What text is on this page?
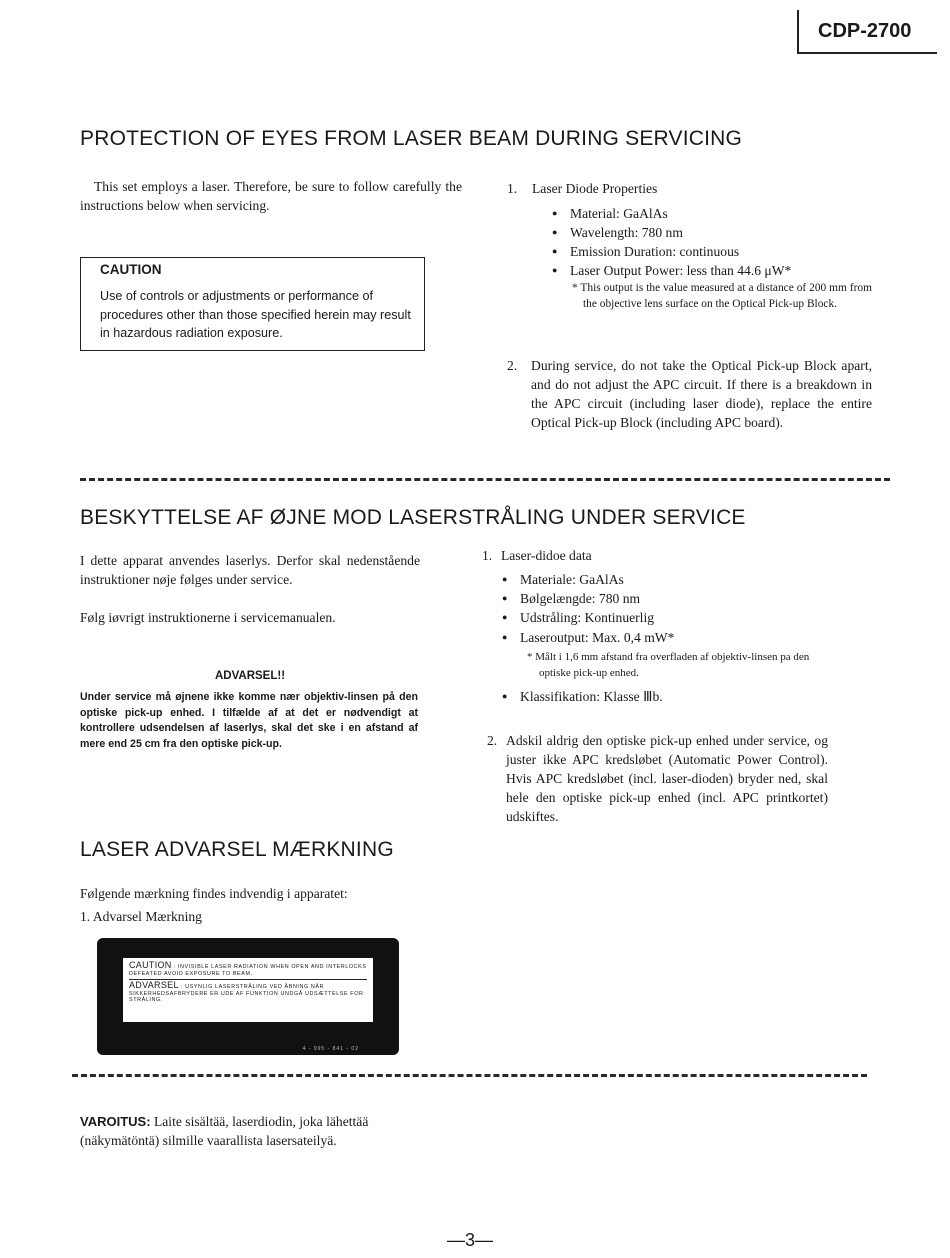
CDP-2700
PROTECTION OF EYES FROM LASER BEAM DURING SERVICING
This set employs a laser. Therefore, be sure to follow carefully the instructions below when servicing.
CAUTION
Use of controls or adjustments or performance of procedures other than those specified herein may result in hazardous radiation exposure.
1. Laser Diode Properties
● Material: GaAlAs
● Wavelength: 780 nm
● Emission Duration: continuous
● Laser Output Power: less than 44.6 μW*
* This output is the value measured at a distance of 200 mm from the objective lens surface on the Optical Pick-up Block.
2. During service, do not take the Optical Pick-up Block apart, and do not adjust the APC circuit. If there is a breakdown in the APC circuit (including laser diode), replace the entire Optical Pick-up Block (including APC board).
BESKYTTELSE AF ØJNE MOD LASERSTRÅLING UNDER SERVICE
I dette apparat anvendes laserlys. Derfor skal nedenstående instruktioner nøje følges under service.
Følg iøvrigt instruktionerne i servicemanualen.
ADVARSEL!!
Under service må øjnene ikke komme nær objektiv-linsen på den optiske pick-up enhed. I tilfælde af at det er nødvendigt at kontrollere udsendelsen af laserlys, skal det ske i en afstand af mere end 25 cm fra den optiske pick-up.
1. Laser-didoe data
● Materiale: GaAlAs
● Bølgelængde: 780 nm
● Udstråling: Kontinuerlig
● Laseroutput: Max. 0,4 mW*
* Målt i 1,6 mm afstand fra overfladen af objektiv-linsen pa den optiske pick-up enhed.
● Klassifikation: Klasse Ⅲb.
2. Adskil aldrig den optiske pick-up enhed under service, og juster ikke APC kredsløbet (Automatic Power Control). Hvis APC kredsløbet (incl. laser-dioden) bryder ned, skal hele den optiske pick-up enhed (incl. APC printkortet) udskiftes.
LASER ADVARSEL MÆRKNING
Følgende mærkning findes indvendig i apparatet:
1. Advarsel Mærkning
CAUTION : INVISIBLE LASER RADIATION WHEN OPEN AND INTERLOCKS DEFEATED AVOID EXPOSURE TO BEAM.
ADVARSEL : USYNLIG LASERSTRÅLING VED ÅBNING NÅR SIKKERHEDSAFBRYDERE ER UDE AF FUNKTION UNDGÅ UDSÆTTELSE FOR STRÅLING.
4 - 995 - 841 - 02
VAROITUS: Laite sisältää, laserdiodin, joka lähettää (näkymätöntä) silmille vaarallista lasersateilyä.
—3—
